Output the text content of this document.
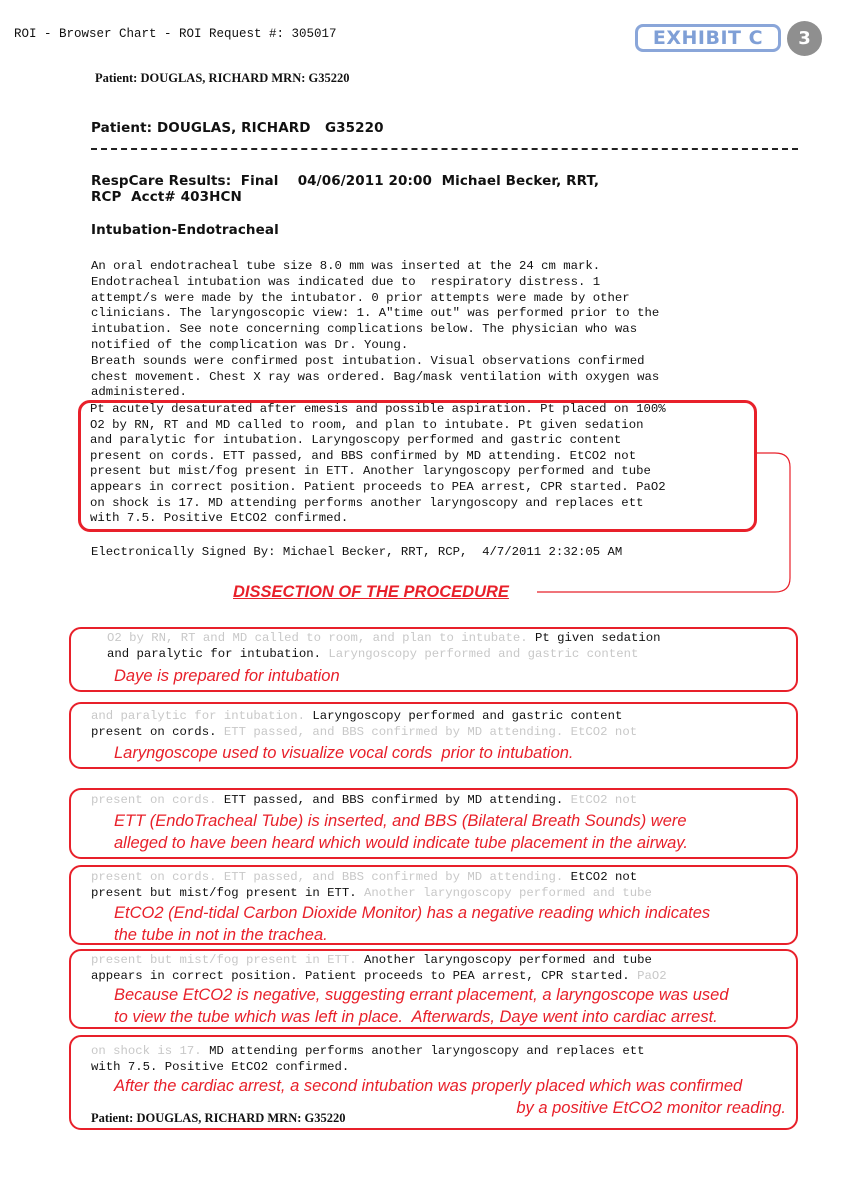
ROI - Browser Chart - ROI Request #: 305017	EXHIBIT C	3
Patient: DOUGLAS, RICHARD MRN: G35220
Patient: DOUGLAS, RICHARD   G35220
RespCare Results:  Final    04/06/2011 20:00  Michael Becker, RRT,
RCP  Acct# 403HCN
Intubation-Endotracheal
An oral endotracheal tube size 8.0 mm was inserted at the 24 cm mark.
Endotracheal intubation was indicated due to  respiratory distress. 1
attempt/s were made by the intubator. 0 prior attempts were made by other
clinicians. The laryngoscopic view: 1. A"time out" was performed prior to the
intubation. See note concerning complications below. The physician who was
notified of the complication was Dr. Young.
Breath sounds were confirmed post intubation. Visual observations confirmed
chest movement. Chest X ray was ordered. Bag/mask ventilation with oxygen was
administered.
Pt acutely desaturated after emesis and possible aspiration. Pt placed on 100%
O2 by RN, RT and MD called to room, and plan to intubate. Pt given sedation
and paralytic for intubation. Laryngoscopy performed and gastric content
present on cords. ETT passed, and BBS confirmed by MD attending. EtCO2 not
present but mist/fog present in ETT. Another laryngoscopy performed and tube
appears in correct position. Patient proceeds to PEA arrest, CPR started. PaO2
on shock is 17. MD attending performs another laryngoscopy and replaces ett
with 7.5. Positive EtCO2 confirmed.
Electronically Signed By: Michael Becker, RRT, RCP,  4/7/2011 2:32:05 AM
DISSECTION OF THE PROCEDURE
O2 by RN, RT and MD called to room, and plan to intubate. Pt given sedation
and paralytic for intubation. Laryngoscopy performed and gastric content
Daye is prepared for intubation
and paralytic for intubation. Laryngoscopy performed and gastric content
present on cords. ETT passed, and BBS confirmed by MD attending. EtCO2 not
Laryngoscope used to visualize vocal cords  prior to intubation.
present on cords. ETT passed, and BBS confirmed by MD attending. EtCO2 not
ETT (EndoTracheal Tube) is inserted, and BBS (Bilateral Breath Sounds) were
alleged to have been heard which would indicate tube placement in the airway.
present on cords. ETT passed, and BBS confirmed by MD attending. EtCO2 not
present but mist/fog present in ETT. Another laryngoscopy performed and tube
EtCO2 (End-tidal Carbon Dioxide Monitor) has a negative reading which indicates
the tube in not in the trachea.
present but mist/fog present in ETT. Another laryngoscopy performed and tube
appears in correct position. Patient proceeds to PEA arrest, CPR started. PaO2
Because EtCO2 is negative, suggesting errant placement, a laryngoscope was used
to view the tube which was left in place.  Afterwards, Daye went into cardiac arrest.
on shock is 17. MD attending performs another laryngoscopy and replaces ett
with 7.5. Positive EtCO2 confirmed.
After the cardiac arrest, a second intubation was properly placed which was confirmed
by a positive EtCO2 monitor reading.
Patient: DOUGLAS, RICHARD MRN: G35220
